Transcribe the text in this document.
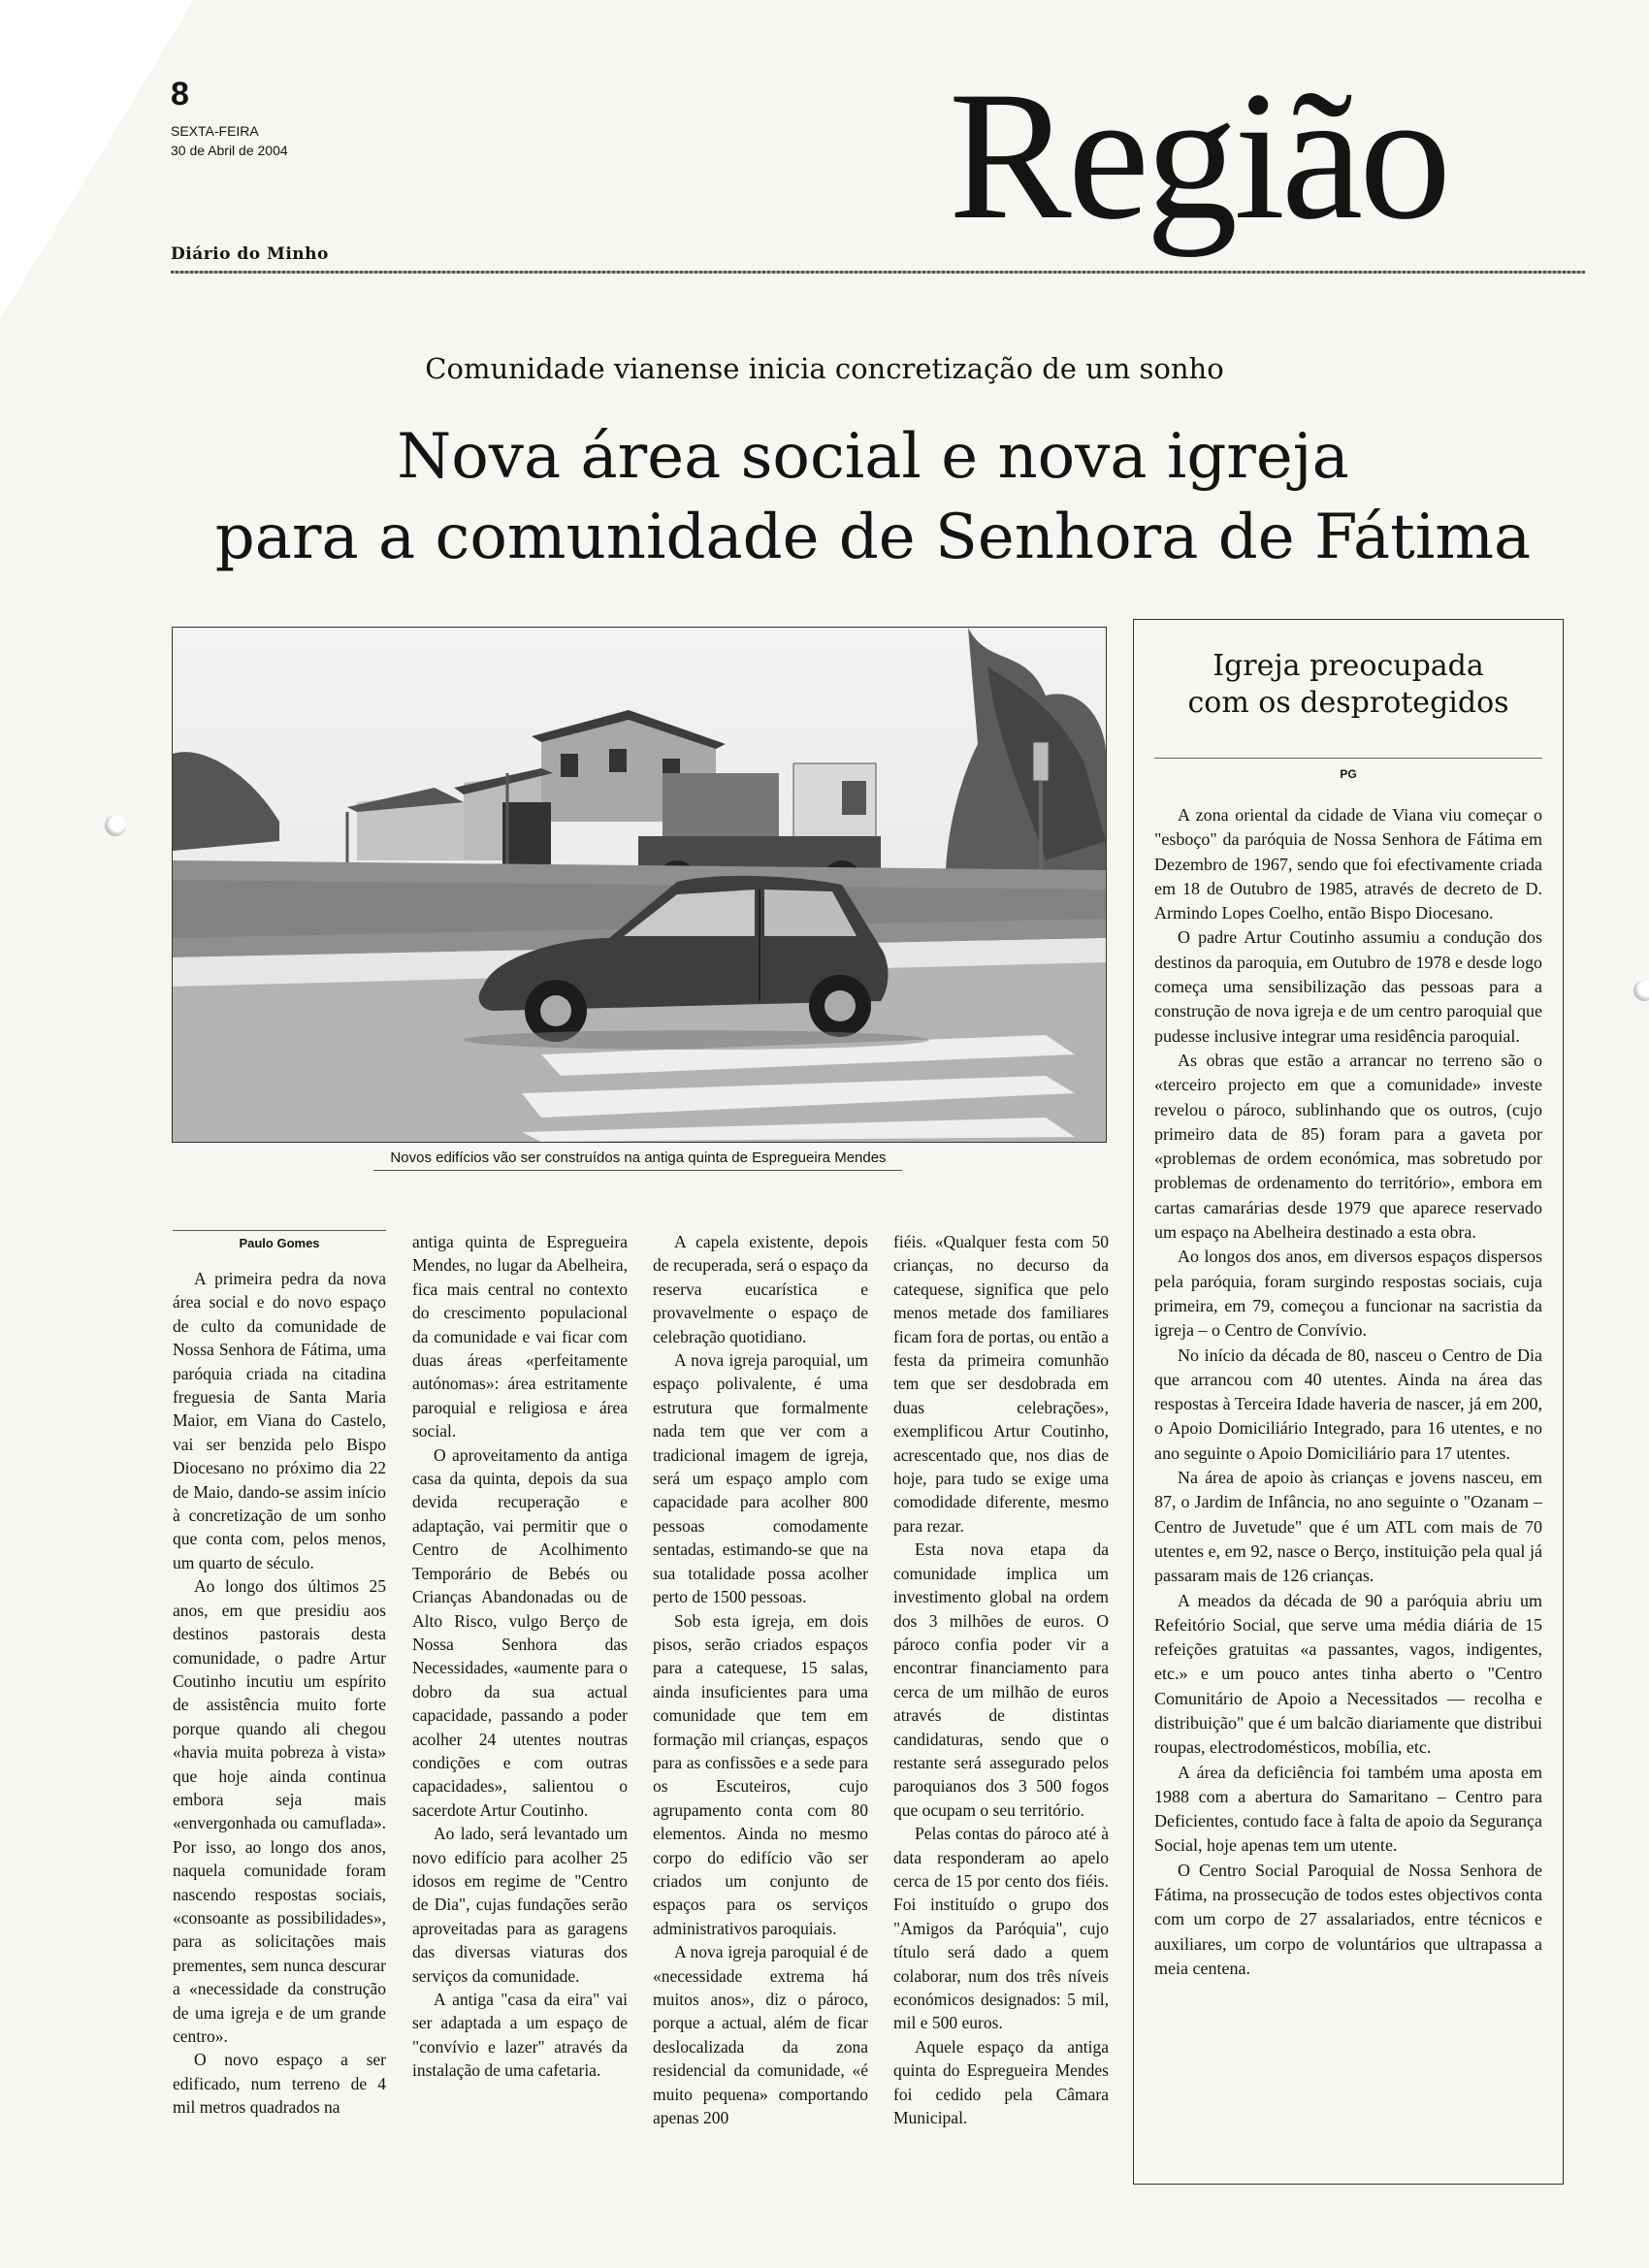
8
SEXTA-FEIRA
30 de Abril de 2004
Diário do Minho	Região
Comunidade vianense inicia concretização de um sonho
Nova área social e nova igreja
para a comunidade de Senhora de Fátima
Novos edifícios vão ser construídos na antiga quinta de Espregueira Mendes
Paulo Gomes

A primeira pedra da nova área social e do novo espaço de culto da comunidade de Nossa Senhora de Fátima, uma paróquia criada na citadina freguesia de Santa Maria Maior, em Viana do Castelo, vai ser benzida pelo Bispo Diocesano no próximo dia 22 de Maio, dando-se assim início à concretização de um sonho que conta com, pelos menos, um quarto de século.

Ao longo dos últimos 25 anos, em que presidiu aos destinos pastorais desta comunidade, o padre Artur Coutinho incutiu um espírito de assistência muito forte porque quando ali chegou «havia muita pobreza à vista» que hoje ainda continua embora seja mais «envergonhada ou camuflada». Por isso, ao longo dos anos, naquela comunidade foram nascendo respostas sociais, «consoante as possibilidades», para as solicitações mais prementes, sem nunca descurar a «necessidade da construção de uma igreja e de um grande centro».

O novo espaço a ser edificado, num terreno de 4 mil metros quadrados na

antiga quinta de Espregueira Mendes, no lugar da Abelheira, fica mais central no contexto do crescimento populacional da comunidade e vai ficar com duas áreas «perfeitamente autónomas»: área estritamente paroquial e religiosa e área social.

O aproveitamento da antiga casa da quinta, depois da sua devida recuperação e adaptação, vai permitir que o Centro de Acolhimento Temporário de Bebés ou Crianças Abandonadas ou de Alto Risco, vulgo Berço de Nossa Senhora das Necessidades, «aumente para o dobro da sua actual capacidade, passando a poder acolher 24 utentes noutras condições e com outras capacidades», salientou o sacerdote Artur Coutinho.

Ao lado, será levantado um novo edifício para acolher 25 idosos em regime de "Centro de Dia", cujas fundações serão aproveitadas para as garagens das diversas viaturas dos serviços da comunidade.

A antiga "casa da eira" vai ser adaptada a um espaço de "convívio e lazer" através da instalação de uma cafetaria.

A capela existente, depois de recuperada, será o espaço da reserva eucarística e provavelmente o espaço de celebração quotidiano.

A nova igreja paroquial, um espaço polivalente, é uma estrutura que formalmente nada tem que ver com a tradicional imagem de igreja, será um espaço amplo com capacidade para acolher 800 pessoas comodamente sentadas, estimando-se que na sua totalidade possa acolher perto de 1500 pessoas.

Sob esta igreja, em dois pisos, serão criados espaços para a catequese, 15 salas, ainda insuficientes para uma comunidade que tem em formação mil crianças, espaços para as confissões e a sede para os Escuteiros, cujo agrupamento conta com 80 elementos. Ainda no mesmo corpo do edifício vão ser criados um conjunto de espaços para os serviços administrativos paroquiais.

A nova igreja paroquial é de «necessidade extrema há muitos anos», diz o pároco, porque a actual, além de ficar deslocalizada da zona residencial da comunidade, «é muito pequena» comportando apenas 200

fiéis. «Qualquer festa com 50 crianças, no decurso da catequese, significa que pelo menos metade dos familiares ficam fora de portas, ou então a festa da primeira comunhão tem que ser desdobrada em duas celebrações», exemplificou Artur Coutinho, acrescentado que, nos dias de hoje, para tudo se exige uma comodidade diferente, mesmo para rezar.

Esta nova etapa da comunidade implica um investimento global na ordem dos 3 milhões de euros. O pároco confia poder vir a encontrar financiamento para cerca de um milhão de euros através de distintas candidaturas, sendo que o restante será assegurado pelos paroquianos dos 3 500 fogos que ocupam o seu território.

Pelas contas do pároco até à data responderam ao apelo cerca de 15 por cento dos fiéis. Foi instituído o grupo dos "Amigos da Paróquia", cujo título será dado a quem colaborar, num dos três níveis económicos designados: 5 mil, mil e 500 euros.

Aquele espaço da antiga quinta do Espregueira Mendes foi cedido pela Câmara Municipal.

Igreja preocupada
com os desprotegidos
PG

A zona oriental da cidade de Viana viu começar o "esboço" da paróquia de Nossa Senhora de Fátima em Dezembro de 1967, sendo que foi efectivamente criada em 18 de Outubro de 1985, através de decreto de D. Armindo Lopes Coelho, então Bispo Diocesano.

O padre Artur Coutinho assumiu a condução dos destinos da paroquia, em Outubro de 1978 e desde logo começa uma sensibilização das pessoas para a construção de nova igreja e de um centro paroquial que pudesse inclusive integrar uma residência paroquial.

As obras que estão a arrancar no terreno são o «terceiro projecto em que a comunidade» investe revelou o pároco, sublinhando que os outros, (cujo primeiro data de 85) foram para a gaveta por «problemas de ordem económica, mas sobretudo por problemas de ordenamento do território», embora em cartas camarárias desde 1979 que aparece reservado um espaço na Abelheira destinado a esta obra.

Ao longos dos anos, em diversos espaços dispersos pela paróquia, foram surgindo respostas sociais, cuja primeira, em 79, começou a funcionar na sacristia da igreja – o Centro de Convívio.

No início da década de 80, nasceu o Centro de Dia que arrancou com 40 utentes. Ainda na área das respostas à Terceira Idade haveria de nascer, já em 200, o Apoio Domiciliário Integrado, para 16 utentes, e no ano seguinte o Apoio Domiciliário para 17 utentes.

Na área de apoio às crianças e jovens nasceu, em 87, o Jardim de Infância, no ano seguinte o "Ozanam – Centro de Juvetude" que é um ATL com mais de 70 utentes e, em 92, nasce o Berço, instituição pela qual já passaram mais de 126 crianças.

A meados da década de 90 a paróquia abriu um Refeitório Social, que serve uma média diária de 15 refeições gratuitas «a passantes, vagos, indigentes, etc.» e um pouco antes tinha aberto o "Centro Comunitário de Apoio a Necessitados — recolha e distribuição" que é um balcão diariamente que distribui roupas, electrodomésticos, mobília, etc.

A área da deficiência foi também uma aposta em 1988 com a abertura do Samaritano – Centro para Deficientes, contudo face à falta de apoio da Segurança Social, hoje apenas tem um utente.

O Centro Social Paroquial de Nossa Senhora de Fátima, na prossecução de todos estes objectivos conta com um corpo de 27 assalariados, entre técnicos e auxiliares, um corpo de voluntários que ultrapassa a meia centena.
